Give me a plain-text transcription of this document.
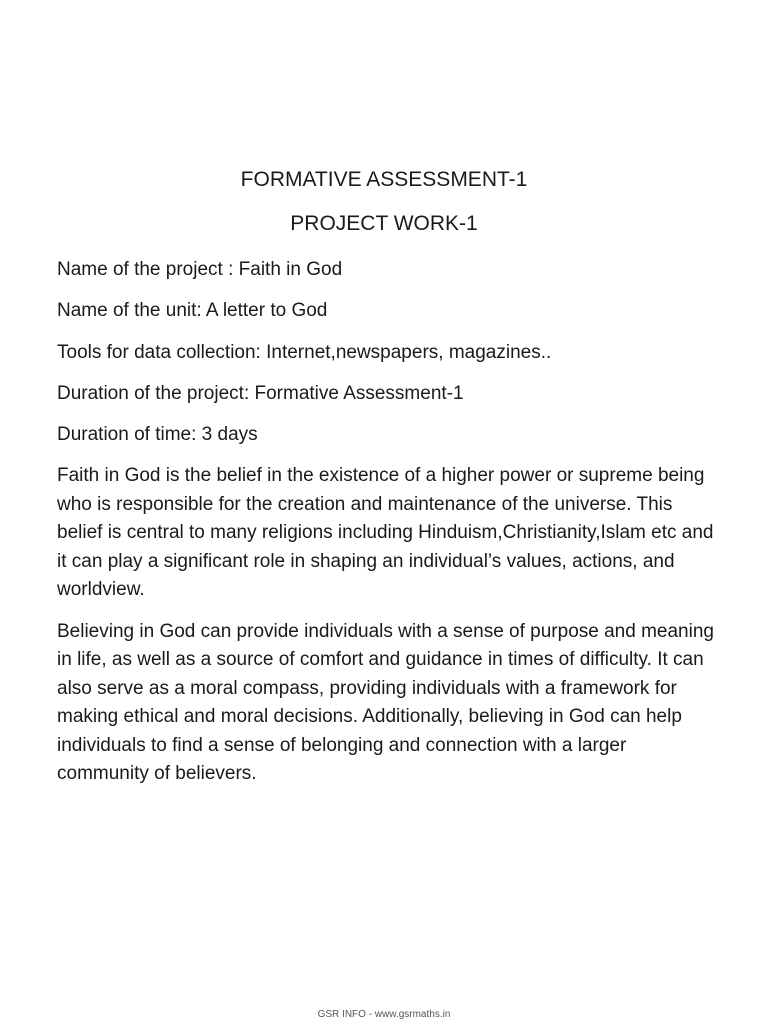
FORMATIVE ASSESSMENT-1
PROJECT WORK-1

Name of the project : Faith in God

Name of the unit: A letter to God

Tools for data collection: Internet,newspapers, magazines..

Duration of the project: Formative Assessment-1

Duration of time: 3 days

Faith in God is the belief in the existence of a higher power or supreme being who is responsible for the creation and maintenance of the universe. This belief is central to many religions including Hinduism,Christianity,Islam etc and it can play a significant role in shaping an individual’s values, actions, and worldview.

Believing in God can provide individuals with a sense of purpose and meaning in life, as well as a source of comfort and guidance in times of difficulty. It can also serve as a moral compass, providing individuals with a framework for making ethical and moral decisions. Additionally, believing in God can help individuals to find a sense of belonging and connection with a larger community of believers.

GSR INFO - www.gsrmaths.in
